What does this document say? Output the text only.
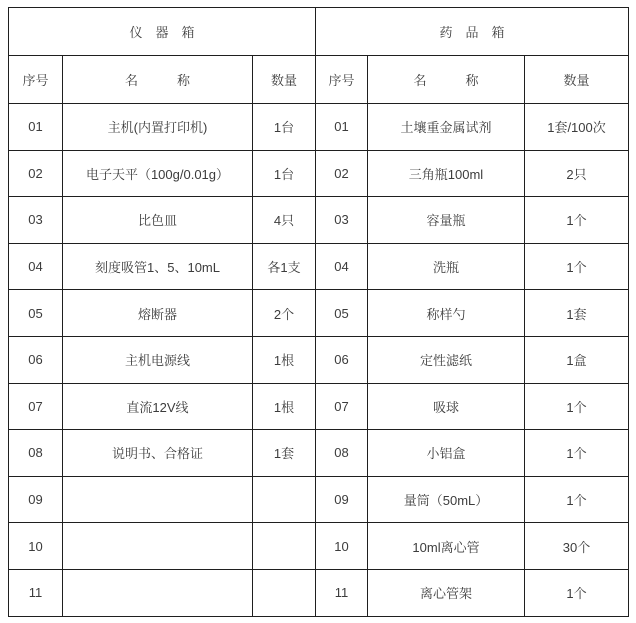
仪　器　箱			药　品　箱		
序号	名　　　称	数量	序号	名　　　称	数量
01	主机(内置打印机)	1台	01	土壤重金属试剂	1套/100次
02	电子天平（100g/0.01g）	1台	02	三角瓶100ml	2只
03	比色皿	4只	03	容量瓶	1个
04	刻度吸管1、5、10mL	各1支	04	洗瓶	1个
05	熔断器	2个	05	称样勺	1套
06	主机电源线	1根	06	定性滤纸	1盒
07	直流12V线	1根	07	吸球	1个
08	说明书、合格证	1套	08	小铝盒	1个
09			09	量筒（50mL）	1个
10			10	10ml离心管	30个
11			11	离心管架	1个
